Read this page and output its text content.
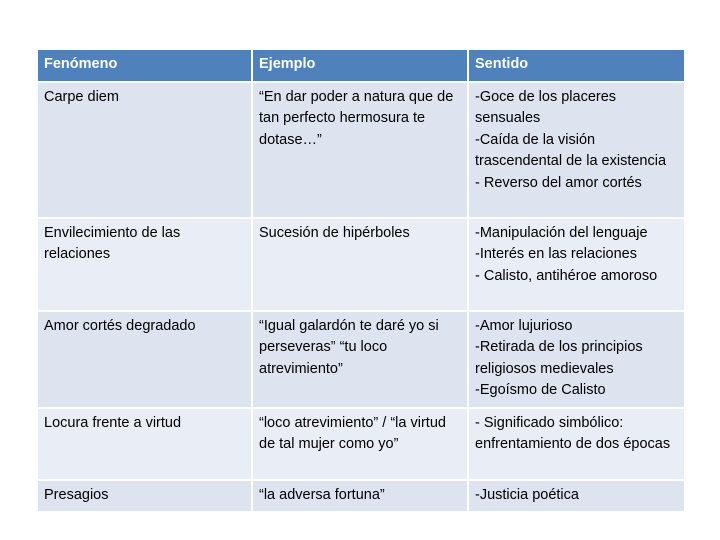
Fenómeno	Ejemplo	Sentido
Carpe diem	“En dar poder a natura que de tan perfecto hermosura te dotase…”	-Goce de los placeres sensuales
-Caída de la visión trascendental de la existencia
- Reverso del amor cortés

Envilecimiento de las relaciones	Sucesión de hipérboles	-Manipulación del lenguaje
-Interés en las relaciones
- Calisto, antihéroe amoroso

Amor cortés degradado	“Igual galardón te daré yo si perseveras” “tu loco atrevimiento”	-Amor lujurioso
-Retirada de los principios religiosos medievales
-Egoísmo de Calisto

Locura frente a virtud	“loco atrevimiento” / “la virtud de tal mujer como yo”	- Significado simbólico: enfrentamiento de dos épocas

Presagios	“la adversa fortuna”	-Justicia poética
